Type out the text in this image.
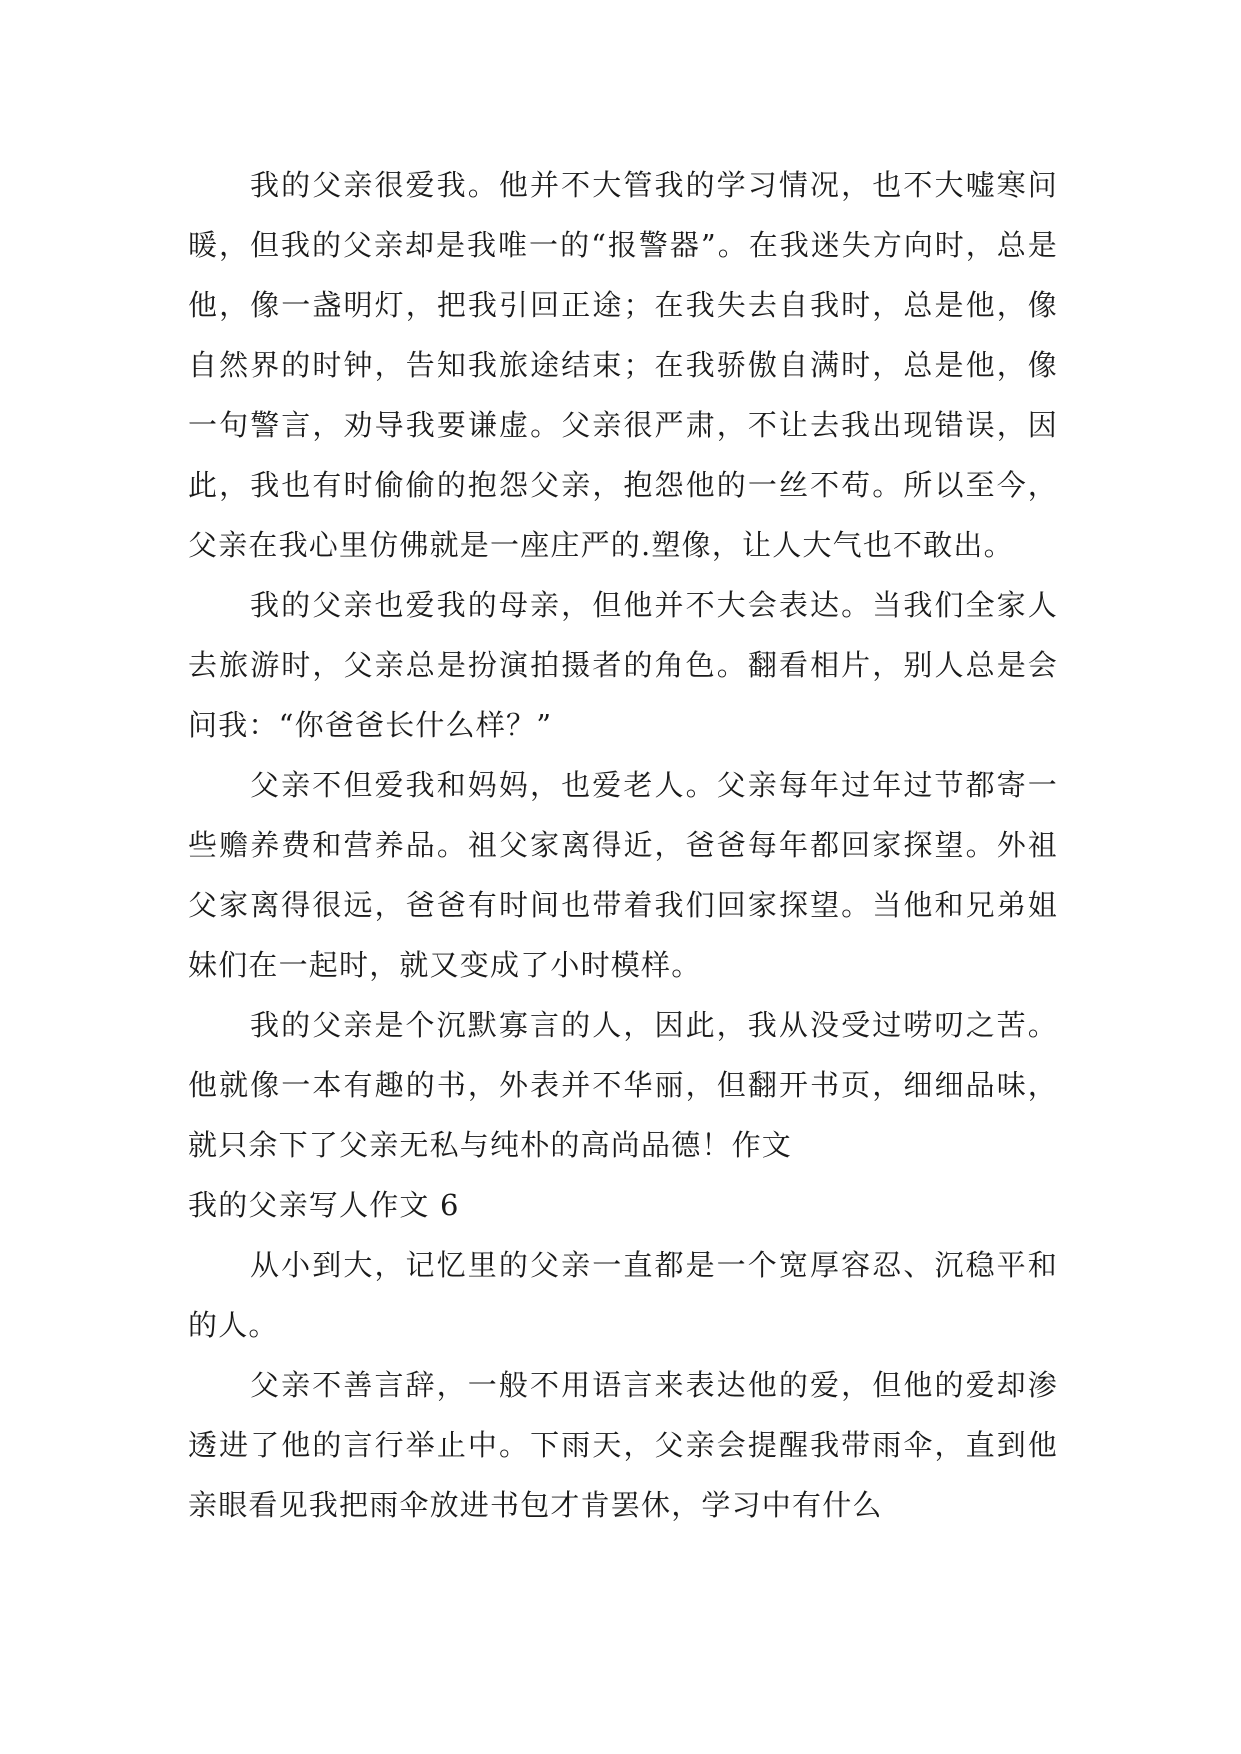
我的父亲很爱我。他并不大管我的学习情况，也不大嘘寒问暖，但我的父亲却是我唯一的“报警器”。在我迷失方向时，总是他，像一盏明灯，把我引回正途；在我失去自我时，总是他，像自然界的时钟，告知我旅途结束；在我骄傲自满时，总是他，像一句警言，劝导我要谦虚。父亲很严肃，不让去我出现错误，因此，我也有时偷偷的抱怨父亲，抱怨他的一丝不苟。所以至今，父亲在我心里仿佛就是一座庄严的.塑像，让人大气也不敢出。

我的父亲也爱我的母亲，但他并不大会表达。当我们全家人去旅游时，父亲总是扮演拍摄者的角色。翻看相片，别人总是会问我：“你爸爸长什么样？”

父亲不但爱我和妈妈，也爱老人。父亲每年过年过节都寄一些赡养费和营养品。祖父家离得近，爸爸每年都回家探望。外祖父家离得很远，爸爸有时间也带着我们回家探望。当他和兄弟姐妹们在一起时，就又变成了小时模样。

我的父亲是个沉默寡言的人，因此，我从没受过唠叨之苦。他就像一本有趣的书，外表并不华丽，但翻开书页，细细品味，就只余下了父亲无私与纯朴的高尚品德！作文

我的父亲写人作文 6

从小到大，记忆里的父亲一直都是一个宽厚容忍、沉稳平和的人。

父亲不善言辞，一般不用语言来表达他的爱，但他的爱却渗透进了他的言行举止中。下雨天，父亲会提醒我带雨伞，直到他亲眼看见我把雨伞放进书包才肯罢休，学习中有什么
